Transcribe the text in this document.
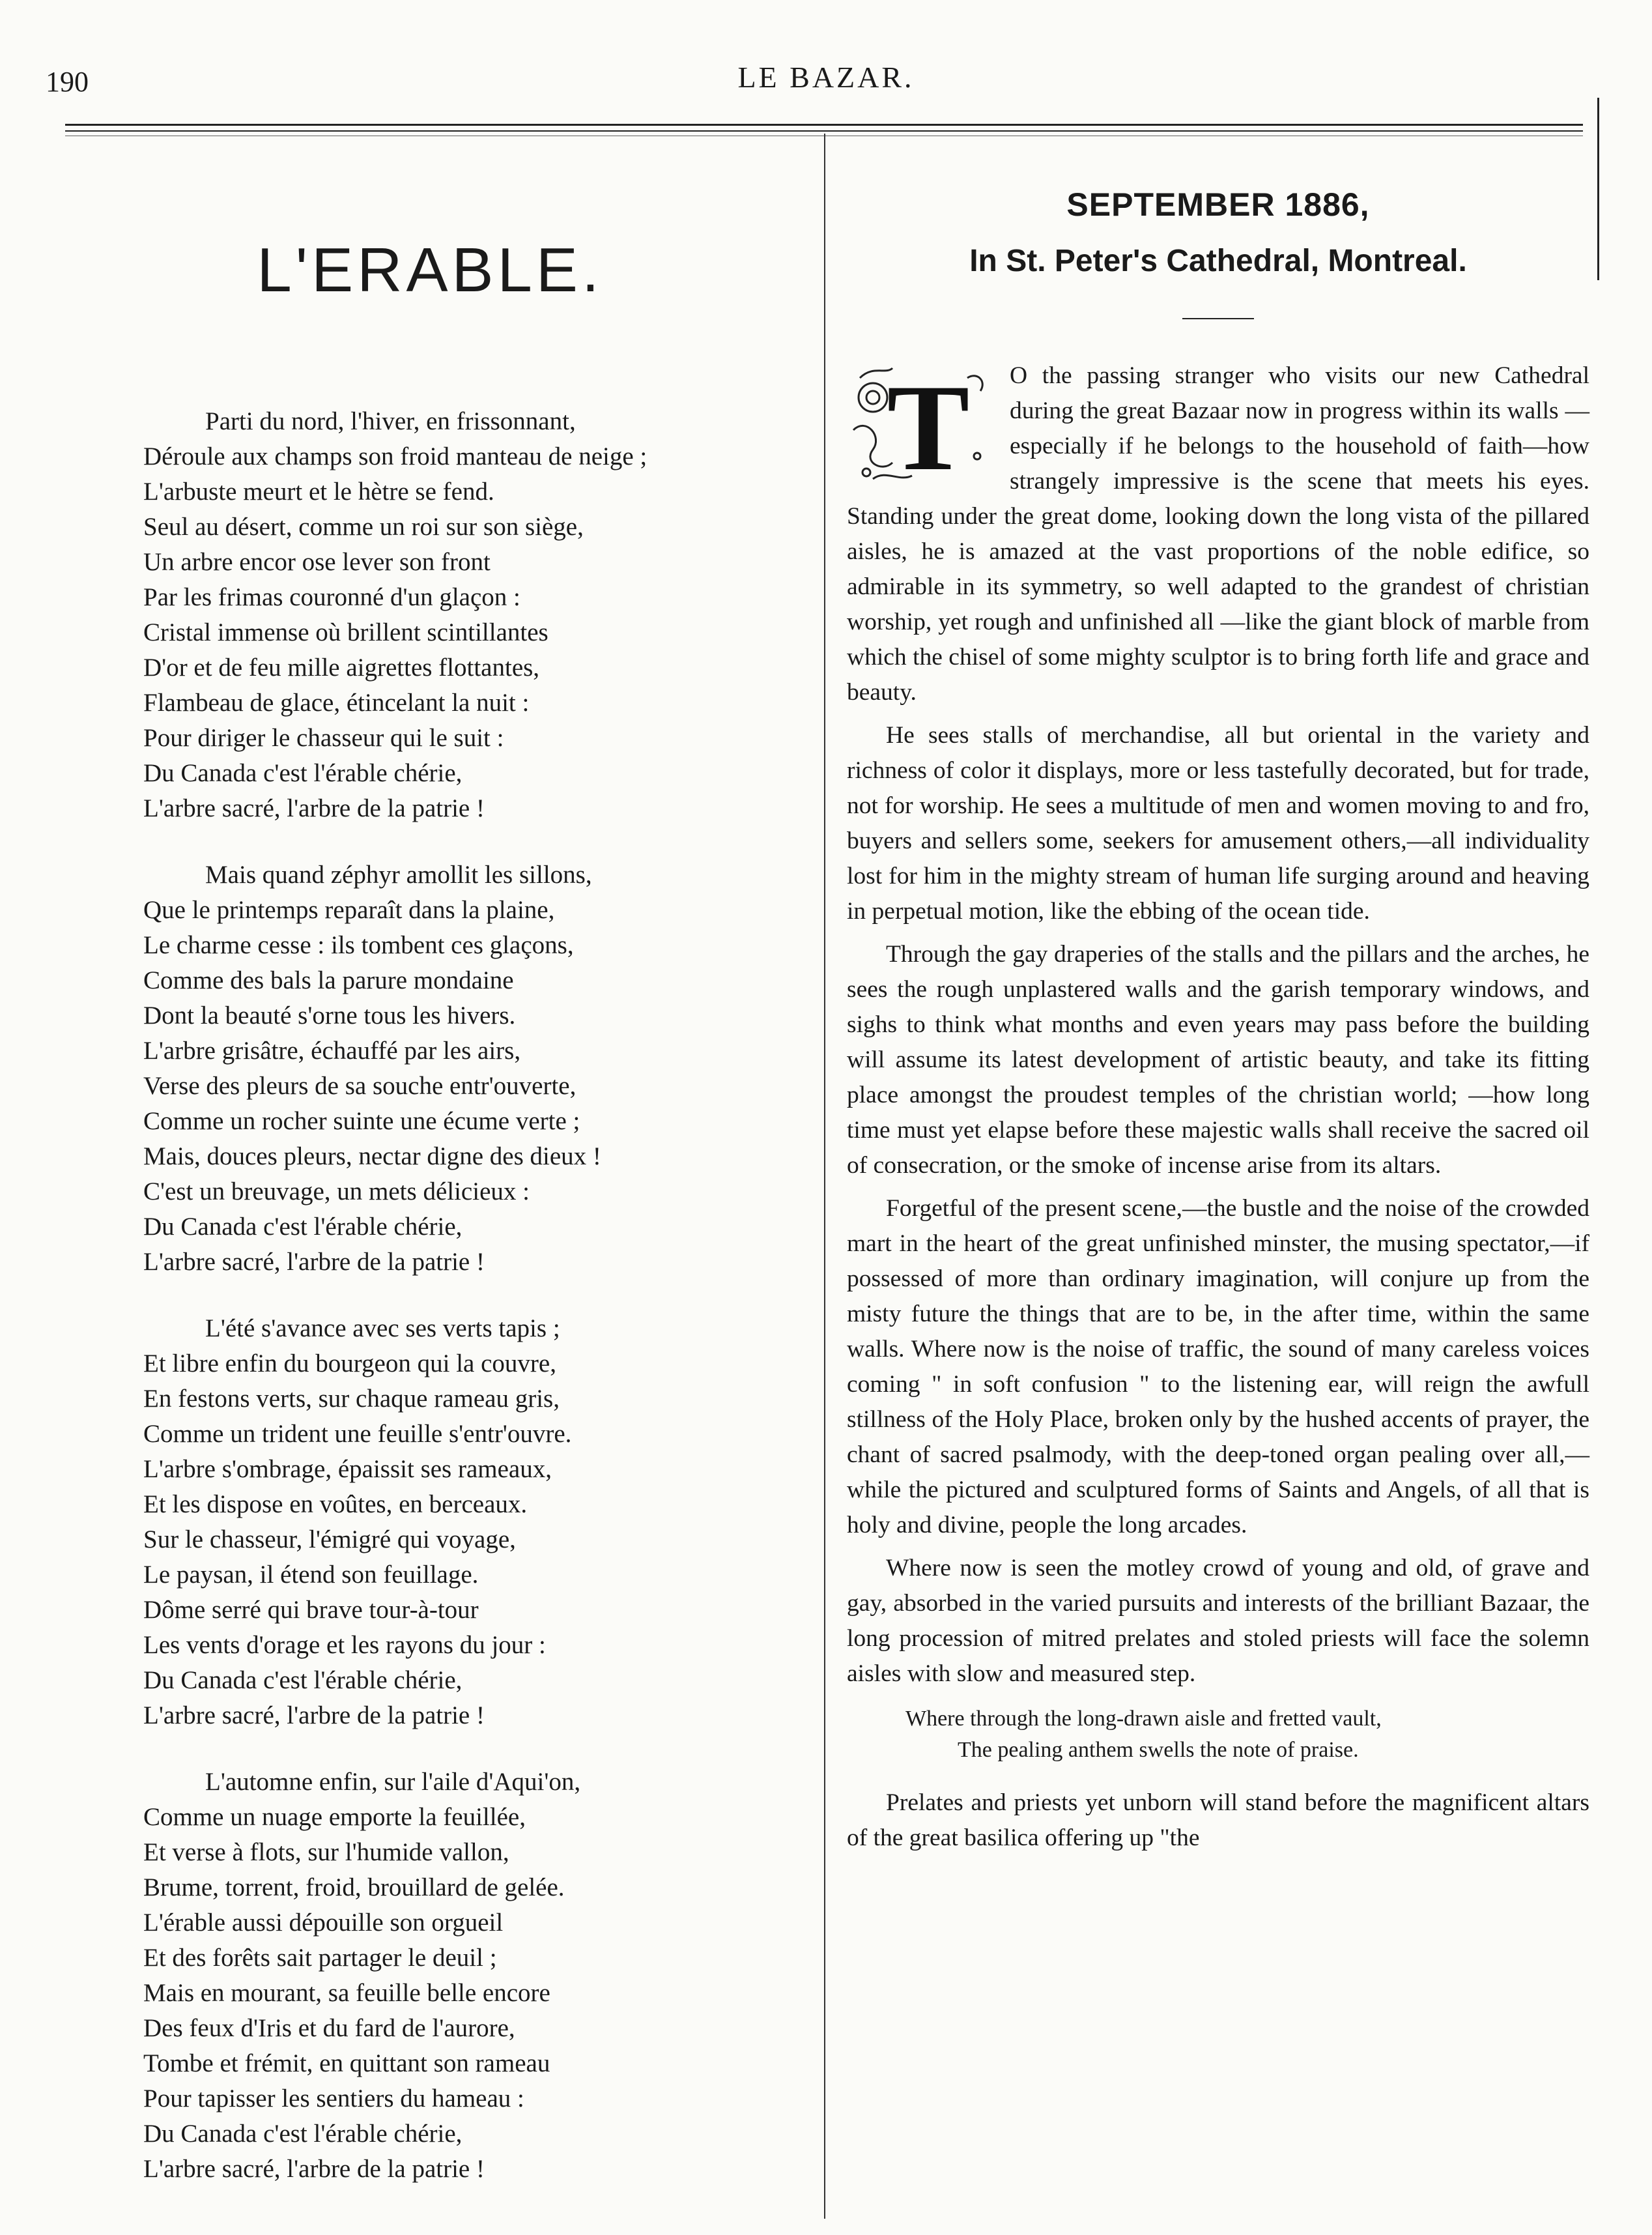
190	LE BAZAR.
L'ERABLE.
Parti du nord, l'hiver, en frissonnant,
Déroule aux champs son froid manteau de neige ;
L'arbuste meurt et le hètre se fend.
Seul au désert, comme un roi sur son siège,
Un arbre encor ose lever son front
Par les frimas couronné d'un glaçon :
Cristal immense où brillent scintillantes
D'or et de feu mille aigrettes flottantes,
Flambeau de glace, étincelant la nuit :
Pour diriger le chasseur qui le suit :
Du Canada c'est l'érable chérie,
L'arbre sacré, l'arbre de la patrie !
Mais quand zéphyr amollit les sillons,
Que le printemps reparaît dans la plaine,
Le charme cesse : ils tombent ces glaçons,
Comme des bals la parure mondaine
Dont la beauté s'orne tous les hivers.
L'arbre grisâtre, échauffé par les airs,
Verse des pleurs de sa souche entr'ouverte,
Comme un rocher suinte une écume verte ;
Mais, douces pleurs, nectar digne des dieux !
C'est un breuvage, un mets délicieux :
Du Canada c'est l'érable chérie,
L'arbre sacré, l'arbre de la patrie !
L'été s'avance avec ses verts tapis ;
Et libre enfin du bourgeon qui la couvre,
En festons verts, sur chaque rameau gris,
Comme un trident une feuille s'entr'ouvre.
L'arbre s'ombrage, épaissit ses rameaux,
Et les dispose en voûtes, en berceaux.
Sur le chasseur, l'émigré qui voyage,
Le paysan, il étend son feuillage.
Dôme serré qui brave tour-à-tour
Les vents d'orage et les rayons du jour :
Du Canada c'est l'érable chérie,
L'arbre sacré, l'arbre de la patrie !
L'automne enfin, sur l'aile d'Aqui'on,
Comme un nuage emporte la feuillée,
Et verse à flots, sur l'humide vallon,
Brume, torrent, froid, brouillard de gelée.
L'érable aussi dépouille son orgueil
Et des forêts sait partager le deuil ;
Mais en mourant, sa feuille belle encore
Des feux d'Iris et du fard de l'aurore,
Tombe et frémit, en quittant son rameau
Pour tapisser les sentiers du hameau :
Du Canada c'est l'érable chérie,
L'arbre sacré, l'arbre de la patrie !
SEPTEMBER 1886,
In St. Peter's Cathedral, Montreal.
T	O the passing stranger who visits our new Cathedral during the great Bazaar now in progress within its walls — especially if he belongs to the household of faith—how strangely impressive is the scene that meets his eyes. Standing under the great dome, looking down the long vista of the pillared aisles, he is amazed at the vast proportions of the noble edifice, so admirable in its symmetry, so well adapted to the grandest of christian worship, yet rough and unfinished all —like the giant block of marble from which the chisel of some mighty sculptor is to bring forth life and grace and beauty.

He sees stalls of merchandise, all but oriental in the variety and richness of color it displays, more or less tastefully decorated, but for trade, not for worship. He sees a multitude of men and women moving to and fro, buyers and sellers some, seekers for amusement others,—all individuality lost for him in the mighty stream of human life surging around and heaving in perpetual motion, like the ebbing of the ocean tide.

Through the gay draperies of the stalls and the pillars and the arches, he sees the rough unplastered walls and the garish temporary windows, and sighs to think what months and even years may pass before the building will assume its latest development of artistic beauty, and take its fitting place amongst the proudest temples of the christian world; —how long time must yet elapse before these majestic walls shall receive the sacred oil of consecration, or the smoke of incense arise from its altars.

Forgetful of the present scene,—the bustle and the noise of the crowded mart in the heart of the great unfinished minster, the musing spectator,—if possessed of more than ordinary imagination, will conjure up from the misty future the things that are to be, in the after time, within the same walls. Where now is the noise of traffic, the sound of many careless voices coming " in soft confusion " to the listening ear, will reign the awfull stillness of the Holy Place, broken only by the hushed accents of prayer, the chant of sacred psalmody, with the deep-toned organ pealing over all,— while the pictured and sculptured forms of Saints and Angels, of all that is holy and divine, people the long arcades.

Where now is seen the motley crowd of young and old, of grave and gay, absorbed in the varied pursuits and interests of the brilliant Bazaar, the long procession of mitred prelates and stoled priests will face the solemn aisles with slow and measured step.

Where through the long-drawn aisle and fretted vault,
The pealing anthem swells the note of praise.

Prelates and priests yet unborn will stand before the magnificent altars of the great basilica offering up "the
